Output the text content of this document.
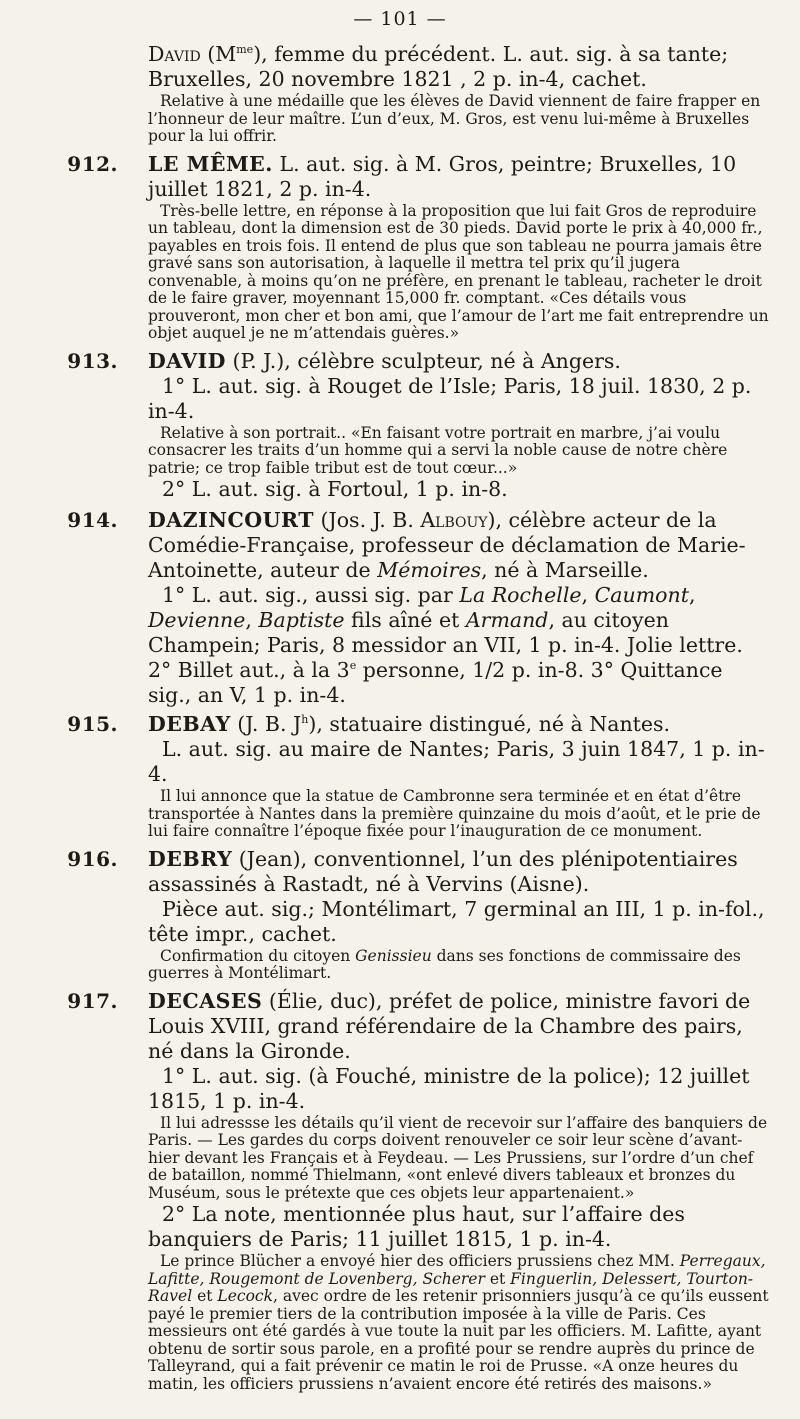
— 101 —

David $(M^{me})$, femme du précédent. L. aut. sig. à sa tante; Bruxelles, 20 novembre 1821 , 2 p. in-4, cachet.

Relative à une médaille que les élèves de David viennent de faire frapper en l’honneur de leur maître. L’un d’eux, M. Gros, est venu lui-même à Bruxelles pour la lui offrir.

912.	LE MÊME. L. aut. sig. à M. Gros, peintre; Bruxelles, 10 juillet 1821, 2 p. in-4.

Très-belle lettre, en réponse à la proposition que lui fait Gros de reproduire un tableau, dont la dimension est de 30 pieds. David porte le prix à 40,000 fr., payables en trois fois. Il entend de plus que son tableau ne pourra jamais être gravé sans son autorisation, à laquelle il mettra tel prix qu’il jugera convenable, à moins qu’on ne préfère, en prenant le tableau, racheter le droit de le faire graver, moyennant 15,000 fr. comptant. «Ces détails vous prouveront, mon cher et bon ami, que l’amour de l’art me fait entreprendre un objet auquel je ne m’attendais guères.»

913.	DAVID (P. J.), célèbre sculpteur, né à Angers.

1° L. aut. sig. à Rouget de l’Isle; Paris, 18 juil. 1830, 2 p. in-4.

Relative à son portrait.. «En faisant votre portrait en marbre, j’ai voulu consacrer les traits d’un homme qui a servi la noble cause de notre chère patrie; ce trop faible tribut est de tout cœur...»

2° L. aut. sig. à Fortoul, 1 p. in-8.

914.	DAZINCOURT (Jos. J. B. Albouy), célèbre acteur de la Comédie-Française, professeur de déclamation de Marie-Antoinette, auteur de Mémoires, né à Marseille.

1° L. aut. sig., aussi sig. par La Rochelle, Caumont, Devienne, Baptiste fils aîné et Armand, au citoyen Champein; Paris, 8 messidor an VII, 1 p. in-4. Jolie lettre. 2° Billet aut., à la 3e personne, 1/2 p. in-8. 3° Quittance sig., an V, 1 p. in-4.

915.	DEBAY (J. B. $J^h$), statuaire distingué, né à Nantes.

L. aut. sig. au maire de Nantes; Paris, 3 juin 1847, 1 p. in-4.

Il lui annonce que la statue de Cambronne sera terminée et en état d’être transportée à Nantes dans la première quinzaine du mois d’août, et le prie de lui faire connaître l’époque fixée pour l’inauguration de ce monument.

916.	DEBRY (Jean), conventionnel, l’un des plénipotentiaires assassinés à Rastadt, né à Vervins (Aisne).

Pièce aut. sig.; Montélimart, 7 germinal an III, 1 p. in-fol., tête impr., cachet.

Confirmation du citoyen Genissieu dans ses fonctions de commissaire des guerres à Montélimart.

917.	DECASES (Élie, duc), préfet de police, ministre favori de Louis XVIII, grand référendaire de la Chambre des pairs, né dans la Gironde.

1° L. aut. sig. (à Fouché, ministre de la police); 12 juillet 1815, 1 p. in-4.

Il lui adressse les détails qu’il vient de recevoir sur l’affaire des banquiers de Paris. — Les gardes du corps doivent renouveler ce soir leur scène d’avant-hier devant les Français et à Feydeau. — Les Prussiens, sur l’ordre d’un chef de bataillon, nommé Thielmann, «ont enlevé divers tableaux et bronzes du Muséum, sous le prétexte que ces objets leur appartenaient.»

2° La note, mentionnée plus haut, sur l’affaire des banquiers de Paris; 11 juillet 1815, 1 p. in-4.

Le prince Blücher a envoyé hier des officiers prussiens chez MM. Perregaux, Lafitte, Rougemont de Lovenberg, Scherer et Finguerlin, Delessert, Tourton-Ravel et Lecock, avec ordre de les retenir prisonniers jusqu’à ce qu’ils eussent payé le premier tiers de la contribution imposée à la ville de Paris. Ces messieurs ont été gardés à vue toute la nuit par les officiers. M. Lafitte, ayant obtenu de sortir sous parole, en a profité pour se rendre auprès du prince de Talleyrand, qui a fait prévenir ce matin le roi de Prusse. «A onze heures du matin, les officiers prussiens n’avaient encore été retirés des maisons.»
